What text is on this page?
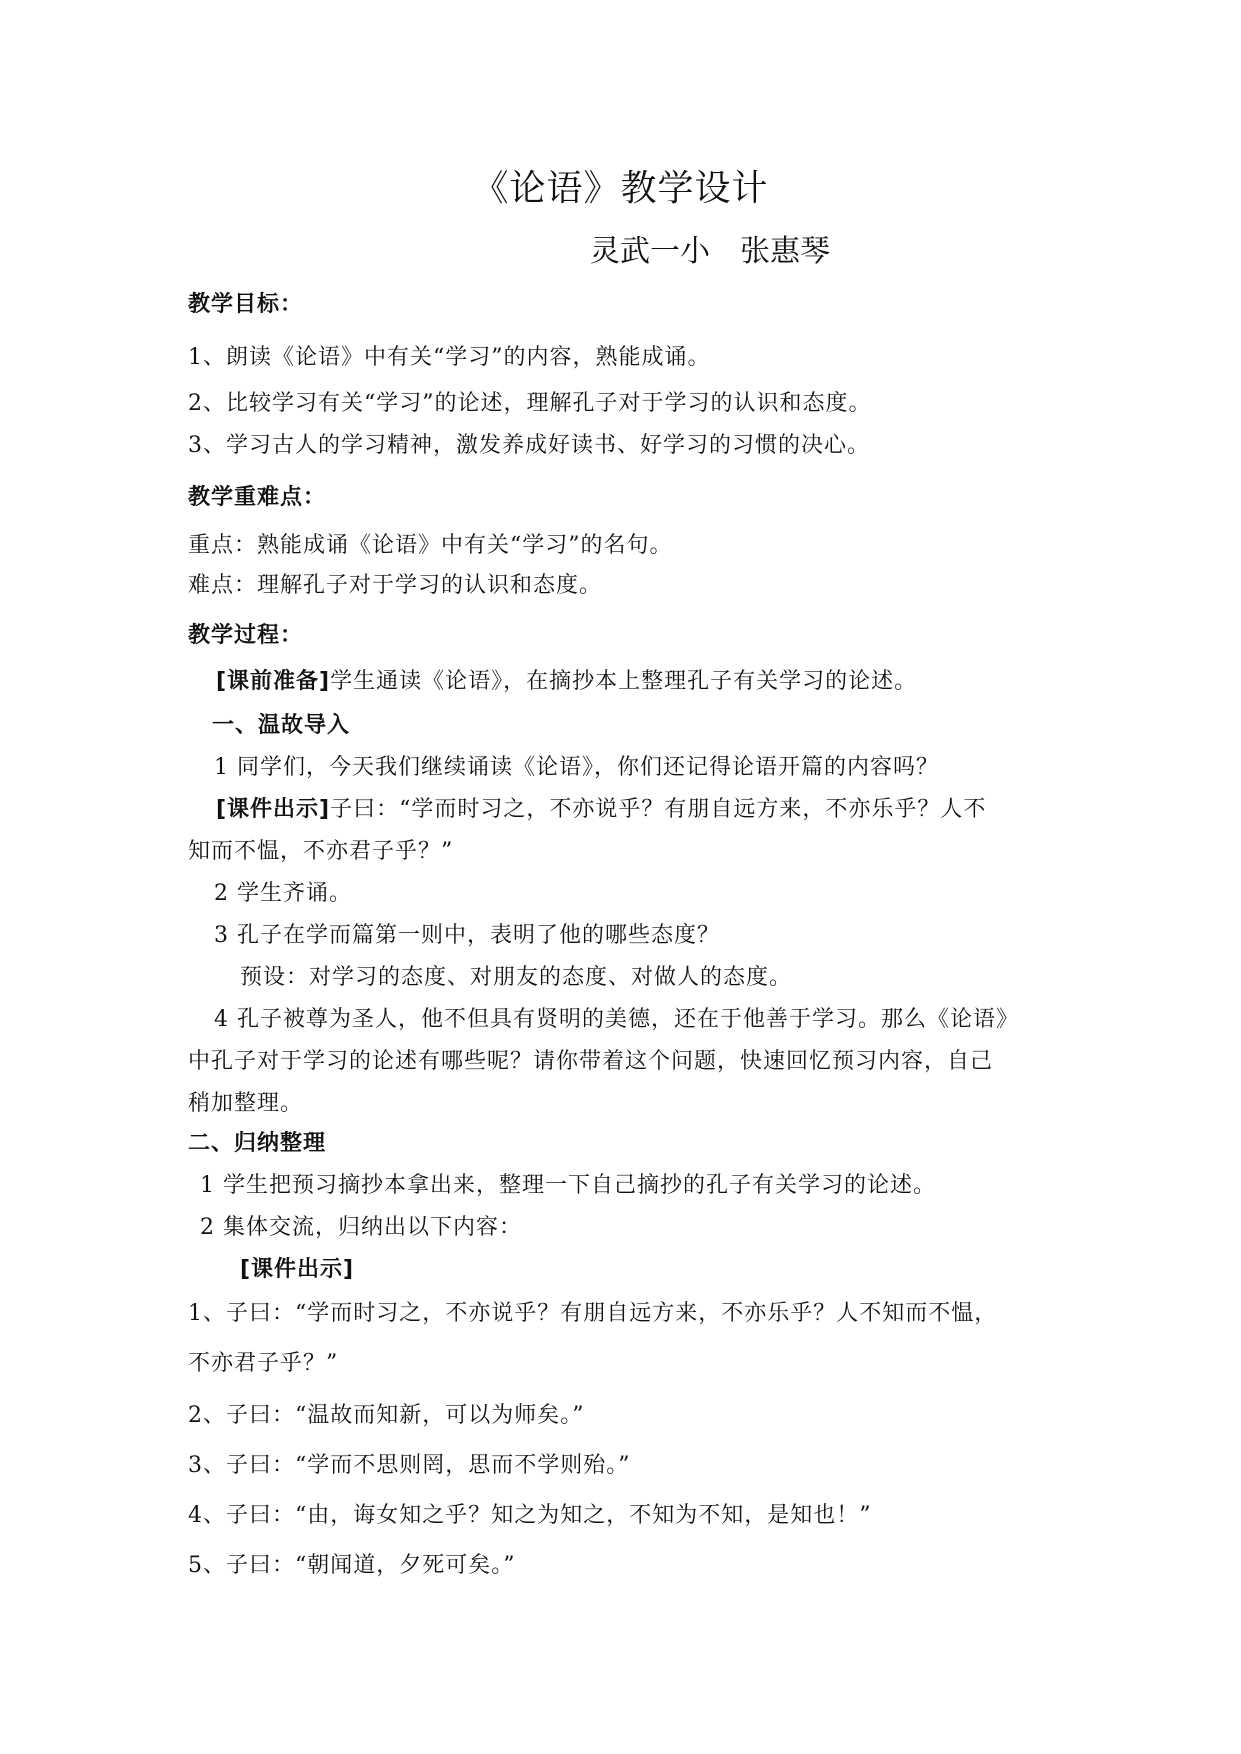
《论语》教学设计
灵武一小　张惠琴
教学目标：
1、朗读《论语》中有关“学习”的内容，熟能成诵。
2、比较学习有关“学习”的论述，理解孔子对于学习的认识和态度。
3、学习古人的学习精神，激发养成好读书、好学习的习惯的决心。
教学重难点：
重点：熟能成诵《论语》中有关“学习”的名句。
难点：理解孔子对于学习的认识和态度。
教学过程：
[课前准备]学生通读《论语》，在摘抄本上整理孔子有关学习的论述。
一、温故导入
1 同学们，今天我们继续诵读《论语》，你们还记得论语开篇的内容吗？
[课件出示]子曰：“学而时习之，不亦说乎？有朋自远方来，不亦乐乎？人不
知而不愠，不亦君子乎？”
2 学生齐诵。
3 孔子在学而篇第一则中，表明了他的哪些态度？
预设：对学习的态度、对朋友的态度、对做人的态度。
4 孔子被尊为圣人，他不但具有贤明的美德，还在于他善于学习。那么《论语》
中孔子对于学习的论述有哪些呢？请你带着这个问题，快速回忆预习内容，自己
稍加整理。
二、归纳整理
1 学生把预习摘抄本拿出来，整理一下自己摘抄的孔子有关学习的论述。
2 集体交流，归纳出以下内容：
[课件出示]
1、子曰：“学而时习之，不亦说乎？有朋自远方来，不亦乐乎？人不知而不愠，
不亦君子乎？”
2、子曰：“温故而知新，可以为师矣。”
3、子曰：“学而不思则罔，思而不学则殆。”
4、子曰：“由，诲女知之乎？知之为知之，不知为不知，是知也！”
5、子曰：“朝闻道，夕死可矣。”
